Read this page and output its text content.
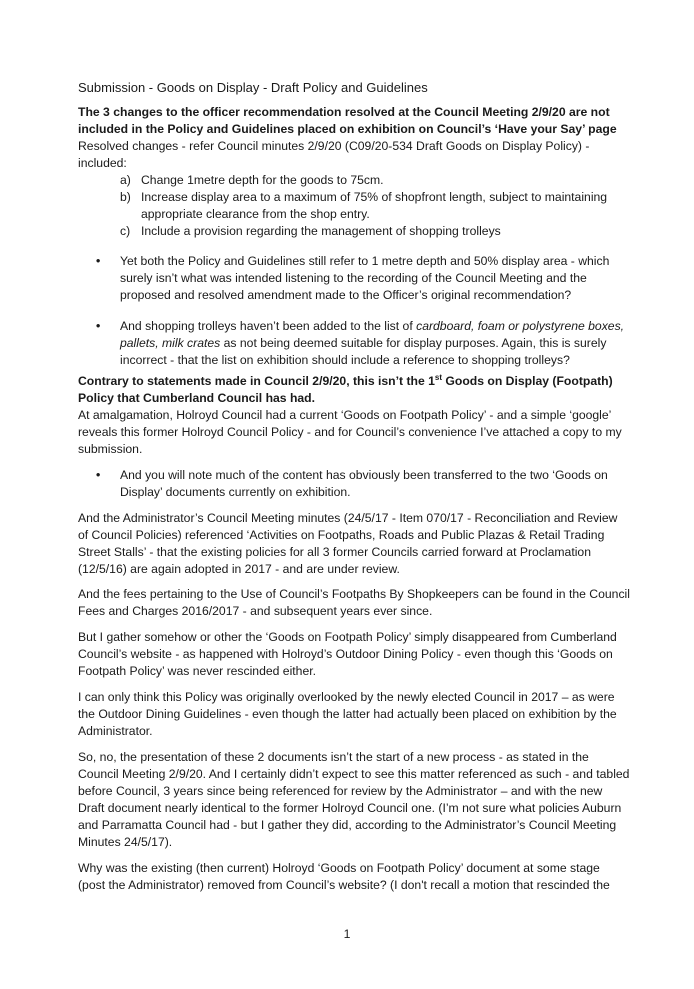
Submission - Goods on Display - Draft Policy and Guidelines

The 3 changes to the officer recommendation resolved at the Council Meeting 2/9/20 are not included in the Policy and Guidelines placed on exhibition on Council’s ‘Have your Say’ page

Resolved changes - refer Council minutes 2/9/20 (C09/20-534 Draft Goods on Display Policy) - included:

a) Change 1metre depth for the goods to 75cm.
b) Increase display area to a maximum of 75% of shopfront length, subject to maintaining appropriate clearance from the shop entry.
c) Include a provision regarding the management of shopping trolleys
•	Yet both the Policy and Guidelines still refer to 1 metre depth and 50% display area - which surely isn’t what was intended listening to the recording of the Council Meeting and the proposed and resolved amendment made to the Officer’s original recommendation?
•	And shopping trolleys haven’t been added to the list of cardboard, foam or polystyrene boxes, pallets, milk crates as not being deemed suitable for display purposes. Again, this is surely incorrect - that the list on exhibition should include a reference to shopping trolleys?

Contrary to statements made in Council 2/9/20, this isn’t the 1st Goods on Display (Footpath) Policy that Cumberland Council has had.

At amalgamation, Holroyd Council had a current ‘Goods on Footpath Policy’ - and a simple ‘google’ reveals this former Holroyd Council Policy - and for Council’s convenience I’ve attached a copy to my submission.

•	And you will note much of the content has obviously been transferred to the two ‘Goods on Display’ documents currently on exhibition.

And the Administrator’s Council Meeting minutes (24/5/17 - Item 070/17 - Reconciliation and Review of Council Policies) referenced ‘Activities on Footpaths, Roads and Public Plazas & Retail Trading Street Stalls’ - that the existing policies for all 3 former Councils carried forward at Proclamation (12/5/16) are again adopted in 2017 - and are under review.

And the fees pertaining to the Use of Council’s Footpaths By Shopkeepers can be found in the Council Fees and Charges 2016/2017 - and subsequent years ever since.

But I gather somehow or other the ‘Goods on Footpath Policy’ simply disappeared from Cumberland Council’s website - as happened with Holroyd’s Outdoor Dining Policy - even though this ‘Goods on Footpath Policy’ was never rescinded either.

I can only think this Policy was originally overlooked by the newly elected Council in 2017 – as were the Outdoor Dining Guidelines - even though the latter had actually been placed on exhibition by the Administrator.

So, no, the presentation of these 2 documents isn’t the start of a new process - as stated in the Council Meeting 2/9/20. And I certainly didn’t expect to see this matter referenced as such - and tabled before Council, 3 years since being referenced for review by the Administrator – and with the new Draft document nearly identical to the former Holroyd Council one. (I’m not sure what policies Auburn and Parramatta Council had - but I gather they did, according to the Administrator’s Council Meeting Minutes 24/5/17).

Why was the existing (then current) Holroyd ‘Goods on Footpath Policy’ document at some stage (post the Administrator) removed from Council’s website? (I don't recall a motion that rescinded the

1
